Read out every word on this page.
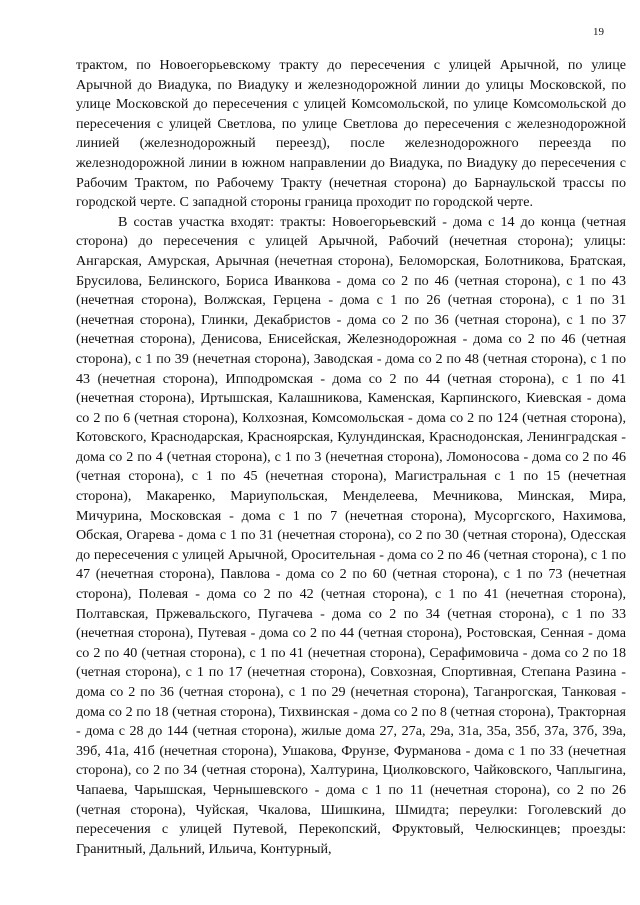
19

трактом, по Новоегорьевскому тракту до пересечения с улицей Арычной, по улице Арычной до Виадука, по Виадуку и железнодорожной линии до улицы Московской, по улице Московской до пересечения с улицей Комсомольской, по улице Комсомольской до пересечения с улицей Светлова, по улице Светлова до пересечения с железнодорожной линией (железнодорожный переезд), после железнодорожного переезда по железнодорожной линии в южном направлении до Виадука, по Виадуку до пересечения с Рабочим Трактом, по Рабочему Тракту (нечетная сторона) до Барнаульской трассы по городской черте. С западной стороны граница проходит по городской черте.

В состав участка входят: тракты: Новоегорьевский - дома с 14 до конца (четная сторона) до пересечения с улицей Арычной, Рабочий (нечетная сторона); улицы: Ангарская, Амурская, Арычная (нечетная сторона), Беломорская, Болотникова, Братская, Брусилова, Белинского, Бориса Иванкова - дома со 2 по 46 (четная сторона), с 1 по 43 (нечетная сторона), Волжская, Герцена - дома с 1 по 26 (четная сторона), с 1 по 31 (нечетная сторона), Глинки, Декабристов - дома со 2 по 36 (четная сторона), с 1 по 37 (нечетная сторона), Денисова, Енисейская, Железнодорожная - дома со 2 по 46 (четная сторона), с 1 по 39 (нечетная сторона), Заводская - дома со 2 по 48 (четная сторона), с 1 по 43 (нечетная сторона), Ипподромская - дома со 2 по 44 (четная сторона), с 1 по 41 (нечетная сторона), Иртышская, Калашникова, Каменская, Карпинского, Киевская - дома со 2 по 6 (четная сторона), Колхозная, Комсомольская - дома со 2 по 124 (четная сторона), Котовского, Краснодарская, Красноярская, Кулундинская, Краснодонская, Ленинградская - дома со 2 по 4 (четная сторона), с 1 по 3 (нечетная сторона), Ломоносова - дома со 2 по 46 (четная сторона), с 1 по 45 (нечетная сторона), Магистральная с 1 по 15 (нечетная сторона), Макаренко, Мариупольская, Менделеева, Мечникова, Минская, Мира, Мичурина, Московская - дома с 1 по 7 (нечетная сторона), Мусоргского, Нахимова, Обская, Огарева - дома с 1 по 31 (нечетная сторона), со 2 по 30 (четная сторона), Одесская до пересечения с улицей Арычной, Оросительная - дома со 2 по 46 (четная сторона), с 1 по 47 (нечетная сторона), Павлова - дома со 2 по 60 (четная сторона), с 1 по 73 (нечетная сторона), Полевая - дома со 2 по 42 (четная сторона), с 1 по 41 (нечетная сторона), Полтавская, Пржевальского, Пугачева - дома со 2 по 34 (четная сторона), с 1 по 33 (нечетная сторона), Путевая - дома со 2 по 44 (четная сторона), Ростовская, Сенная - дома со 2 по 40 (четная сторона), с 1 по 41 (нечетная сторона), Серафимовича - дома со 2 по 18 (четная сторона), с 1 по 17 (нечетная сторона), Совхозная, Спортивная, Степана Разина - дома со 2 по 36 (четная сторона), с 1 по 29 (нечетная сторона), Таганрогская, Танковая - дома со 2 по 18 (четная сторона), Тихвинская - дома со 2 по 8 (четная сторона), Тракторная - дома с 28 до 144 (четная сторона), жилые дома 27, 27а, 29а, 31а, 35а, 35б, 37а, 37б, 39а, 39б, 41а, 41б (нечетная сторона), Ушакова, Фрунзе, Фурманова - дома с 1 по 33 (нечетная сторона), со 2 по 34 (четная сторона), Халтурина, Циолковского, Чайковского, Чаплыгина, Чапаева, Чарышская, Чернышевского - дома с 1 по 11 (нечетная сторона), со 2 по 26 (четная сторона), Чуйская, Чкалова, Шишкина, Шмидта; переулки: Гоголевский до пересечения с улицей Путевой, Перекопский, Фруктовый, Челюскинцев; проезды: Гранитный, Дальний, Ильича, Контурный,
